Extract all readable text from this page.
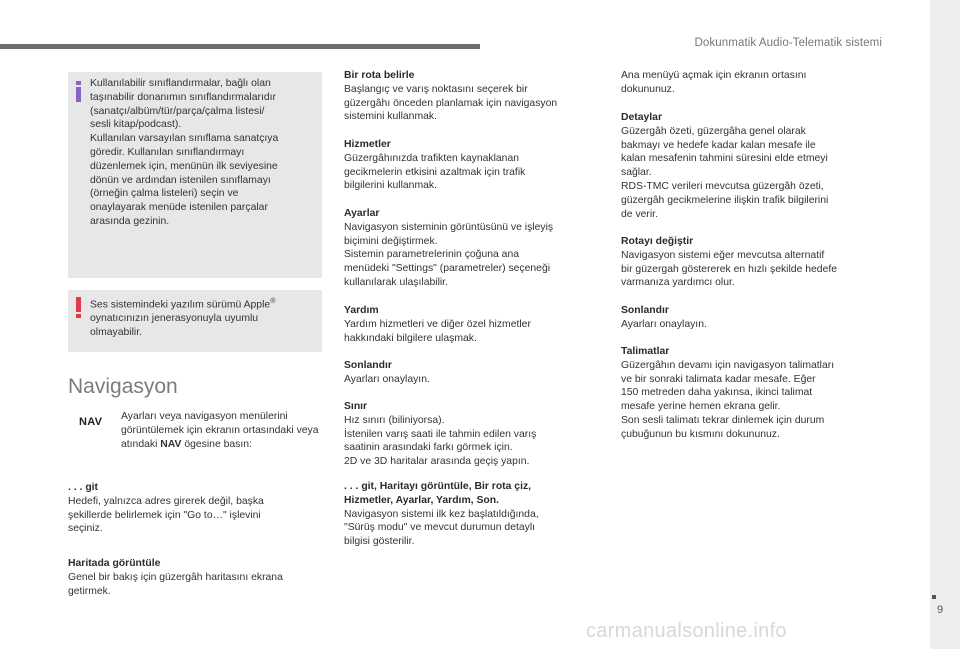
Dokunmatik Audio-Telematik sistemi
9
carmanualsonline.info
Kullanılabilir sınıflandırmalar, bağlı olan
taşınabilir donanımın sınıflandırmalarıdır
(sanatçı/albüm/tür/parça/çalma listesi/
sesli kitap/podcast).
Kullanılan varsayılan sınıflama sanatçıya
göredir. Kullanılan sınıflandırmayı
düzenlemek için, menünün ilk seviyesine
dönün ve ardından istenilen sınıflamayı
(örneğin çalma listeleri) seçin ve
onaylayarak menüde istenilen parçalar
arasında gezinin.
Ses sistemindeki yazılım sürümü Apple®
oynatıcınızın jenerasyonuyla uyumlu
olmayabilir.
Navigasyon
NAV Ayarları veya navigasyon menülerini görüntülemek için ekranın ortasındaki veya atındaki NAV ögesine basın:
. . . git
Hedefi, yalnızca adres girerek değil, başka
şekillerde belirlemek için "Go to…" işlevini
seçiniz.
Haritada görüntüle
Genel bir bakış için güzergâh haritasını ekrana
getirmek.
Bir rota belirle
Başlangıç ve varış noktasını seçerek bir
güzergâhı önceden planlamak için navigasyon
sistemini kullanmak.
Hizmetler
Güzergâhınızda trafikten kaynaklanan
gecikmelerin etkisini azaltmak için trafik
bilgilerini kullanmak.
Ayarlar
Navigasyon sisteminin görüntüsünü ve işleyiş
biçimini değiştirmek.
Sistemin parametrelerinin çoğuna ana
menüdeki "Settings" (parametreler) seçeneği
kullanılarak ulaşılabilir.
Yardım
Yardım hizmetleri ve diğer özel hizmetler
hakkındaki bilgilere ulaşmak.
Sonlandır
Ayarları onaylayın.
Sınır
Hız sınırı (biliniyorsa).
İstenilen varış saati ile tahmin edilen varış
saatinin arasındaki farkı görmek için.
2D ve 3D haritalar arasında geçiş yapın.
. . . git, Haritayı görüntüle, Bir rota çiz,
Hizmetler, Ayarlar, Yardım, Son.
Navigasyon sistemi ilk kez başlatıldığında,
"Sürüş modu" ve mevcut durumun detaylı
bilgisi gösterilir.
Ana menüyü açmak için ekranın ortasını
dokununuz.
Detaylar
Güzergâh özeti, güzergâha genel olarak
bakmayı ve hedefe kadar kalan mesafe ile
kalan mesafenin tahmini süresini elde etmeyi
sağlar.
RDS-TMC verileri mevcutsa güzergâh özeti,
güzergâh gecikmelerine ilişkin trafik bilgilerini
de verir.
Rotayı değiştir
Navigasyon sistemi eğer mevcutsa alternatif
bir güzergah göstererek en hızlı şekilde hedefe
varmanıza yardımcı olur.
Sonlandır
Ayarları onaylayın.
Talimatlar
Güzergâhın devamı için navigasyon talimatları
ve bir sonraki talimata kadar mesafe. Eğer
150 metreden daha yakınsa, ikinci talimat
mesafe yerine hemen ekrana gelir.
Son sesli talimatı tekrar dinlemek için durum
çubuğunun bu kısmını dokununuz.
